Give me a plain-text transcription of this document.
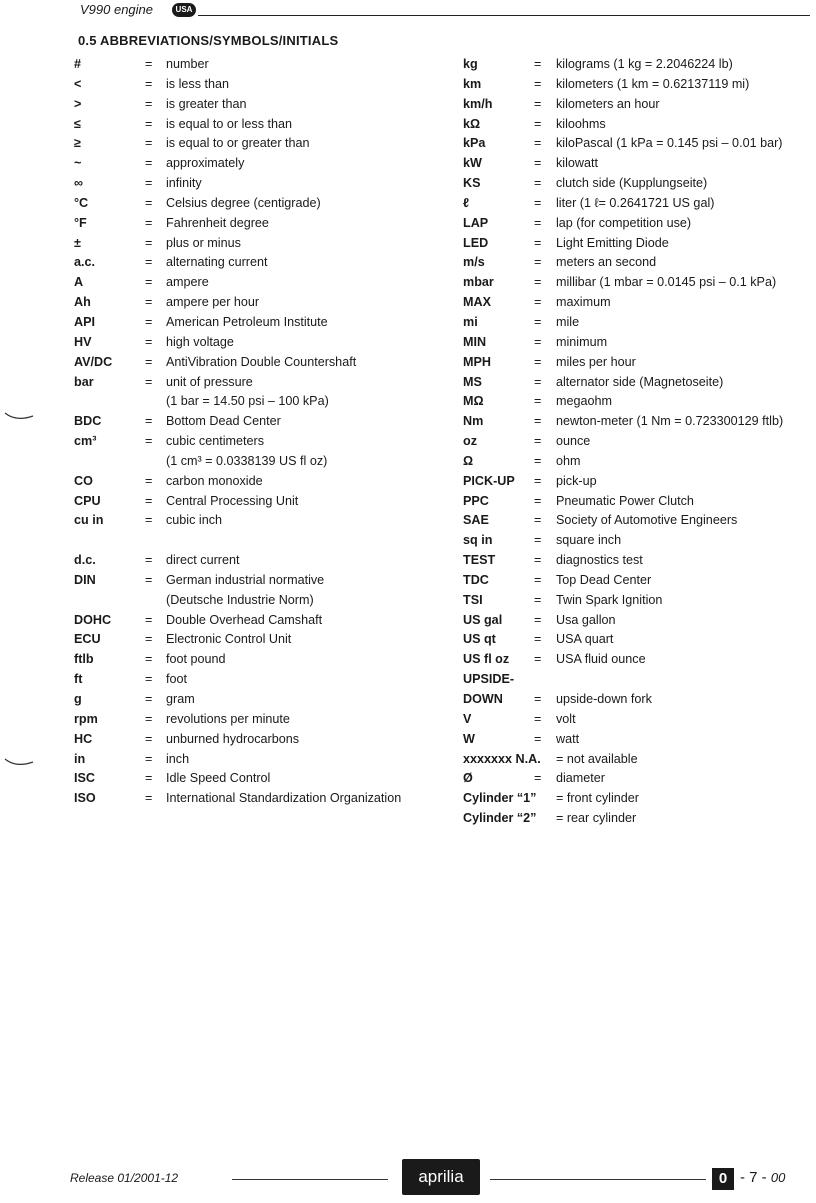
V990 engine	USA
0.5 ABBREVIATIONS/SYMBOLS/INITIALS
#	= number
<	= is less than
>	= is greater than
≤	= is equal to or less than
≥	= is equal to or greater than
~	= approximately
∞	= infinity
°C	= Celsius degree (centigrade)
°F	= Fahrenheit degree
±	= plus or minus
a.c.	= alternating current
A	= ampere
Ah	= ampere per hour
API	= American Petroleum Institute
HV	= high voltage
AV/DC	= AntiVibration Double Countershaft
bar	= unit of pressure
(1 bar = 14.50 psi – 100 kPa)
BDC	= Bottom Dead Center
cm³	= cubic centimeters
(1 cm³ = 0.0338139 US fl oz)
CO	= carbon monoxide
CPU	= Central Processing Unit
cu in	= cubic inch
d.c.	= direct current
DIN	= German industrial normative
(Deutsche Industrie Norm)
DOHC	= Double Overhead Camshaft
ECU	= Electronic Control Unit
ftlb	= foot pound
ft	= foot
g	= gram
rpm	= revolutions per minute
HC	= unburned hydrocarbons
in	= inch
ISC	= Idle Speed Control
ISO	= International Standardization Organization
kg	= kilograms (1 kg = 2.2046224 lb)
km	= kilometers (1 km = 0.62137119 mi)
km/h	= kilometers an hour
kΩ	= kiloohms
kPa	= kiloPascal (1 kPa = 0.145 psi – 0.01 bar)
kW	= kilowatt
KS	= clutch side (Kupplungseite)
ℓ	= liter (1 ℓ= 0.2641721 US gal)
LAP	= lap (for competition use)
LED	= Light Emitting Diode
m/s	= meters an second
mbar	= millibar (1 mbar = 0.0145 psi – 0.1 kPa)
MAX	= maximum
mi	= mile
MIN	= minimum
MPH	= miles per hour
MS	= alternator side (Magnetoseite)
MΩ	= megaohm
Nm	= newton-meter (1 Nm = 0.723300129 ftlb)
oz	= ounce
Ω	= ohm
PICK-UP = pick-up
PPC	= Pneumatic Power Clutch
SAE	= Society of Automotive Engineers
sq in	= square inch
TEST	= diagnostics test
TDC	= Top Dead Center
TSI	= Twin Spark Ignition
US gal	= Usa gallon
US qt	= USA quart
US fl oz = USA fluid ounce
UPSIDE-
DOWN = upside-down fork
V	= volt
W	= watt
xxxxxxx N.A. = not available
Ø	= diameter
Cylinder “1” = front cylinder
Cylinder “2” = rear cylinder
Release 01/2001-12	aprilia	0 - 7 - 00
